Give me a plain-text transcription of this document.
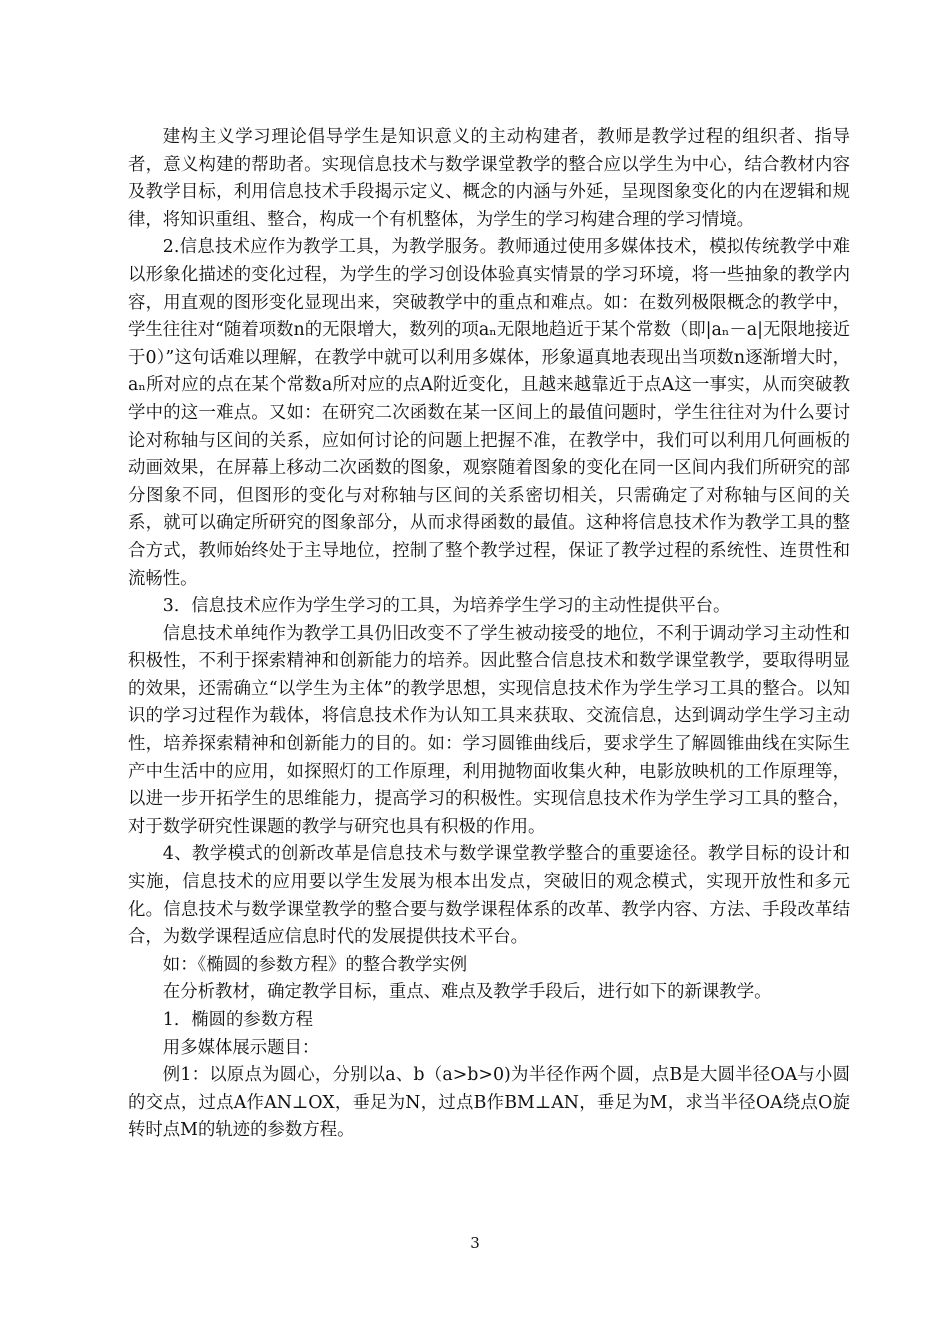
建构主义学习理论倡导学生是知识意义的主动构建者，教师是教学过程的组织者、指导者，意义构建的帮助者。实现信息技术与数学课堂教学的整合应以学生为中心，结合教材内容及教学目标，利用信息技术手段揭示定义、概念的内涵与外延，呈现图象变化的内在逻辑和规律，将知识重组、整合，构成一个有机整体，为学生的学习构建合理的学习情境。

2.信息技术应作为教学工具，为教学服务。教师通过使用多媒体技术，模拟传统教学中难以形象化描述的变化过程，为学生的学习创设体验真实情景的学习环境，将一些抽象的教学内容，用直观的图形变化显现出来，突破教学中的重点和难点。如：在数列极限概念的教学中，学生往往对“随着项数n的无限增大，数列的项aₙ无限地趋近于某个常数（即|aₙ－a|无限地接近于0）”这句话难以理解，在教学中就可以利用多媒体，形象逼真地表现出当项数n逐渐增大时，aₙ所对应的点在某个常数a所对应的点A附近变化，且越来越靠近于点A这一事实，从而突破教学中的这一难点。又如：在研究二次函数在某一区间上的最值问题时，学生往往对为什么要讨论对称轴与区间的关系，应如何讨论的问题上把握不准，在教学中，我们可以利用几何画板的动画效果，在屏幕上移动二次函数的图象，观察随着图象的变化在同一区间内我们所研究的部分图象不同，但图形的变化与对称轴与区间的关系密切相关，只需确定了对称轴与区间的关系，就可以确定所研究的图象部分，从而求得函数的最值。这种将信息技术作为教学工具的整合方式，教师始终处于主导地位，控制了整个教学过程，保证了教学过程的系统性、连贯性和流畅性。

3．信息技术应作为学生学习的工具，为培养学生学习的主动性提供平台。

信息技术单纯作为教学工具仍旧改变不了学生被动接受的地位，不利于调动学习主动性和积极性，不利于探索精神和创新能力的培养。因此整合信息技术和数学课堂教学，要取得明显的效果，还需确立“以学生为主体”的教学思想，实现信息技术作为学生学习工具的整合。以知识的学习过程作为载体，将信息技术作为认知工具来获取、交流信息，达到调动学生学习主动性，培养探索精神和创新能力的目的。如：学习圆锥曲线后，要求学生了解圆锥曲线在实际生产中生活中的应用，如探照灯的工作原理，利用抛物面收集火种，电影放映机的工作原理等，以进一步开拓学生的思维能力，提高学习的积极性。实现信息技术作为学生学习工具的整合，对于数学研究性课题的教学与研究也具有积极的作用。

4、教学模式的创新改革是信息技术与数学课堂教学整合的重要途径。教学目标的设计和实施，信息技术的应用要以学生发展为根本出发点，突破旧的观念模式，实现开放性和多元化。信息技术与数学课堂教学的整合要与数学课程体系的改革、教学内容、方法、手段改革结合，为数学课程适应信息时代的发展提供技术平台。

如：《椭圆的参数方程》的整合教学实例

在分析教材，确定教学目标，重点、难点及教学手段后，进行如下的新课教学。

1．椭圆的参数方程

用多媒体展示题目：

例1：以原点为圆心，分别以a、b（a>b>0)为半径作两个圆，点B是大圆半径OA与小圆的交点，过点A作AN⊥OX，垂足为N，过点B作BM⊥AN，垂足为M，求当半径OA绕点O旋转时点M的轨迹的参数方程。

3
